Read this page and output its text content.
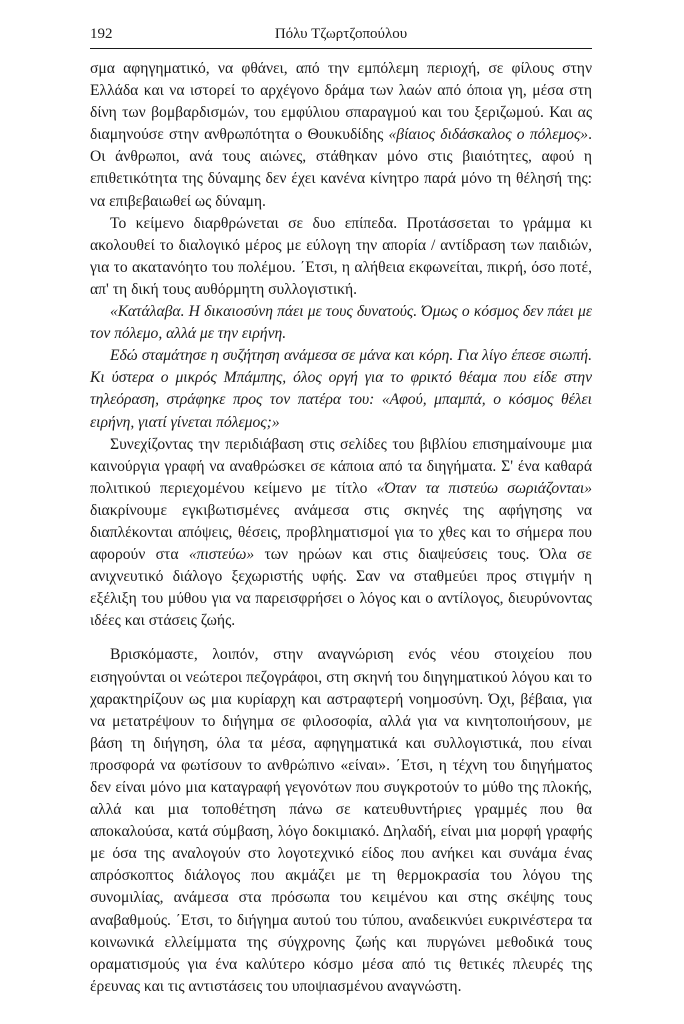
192	Πόλυ Τζωρτζοπούλου

σμα αφηγηματικό, να φθάνει, από την εμπόλεμη περιοχή, σε φίλους στην Ελλάδα και να ιστορεί το αρχέγονο δράμα των λαών από όποια γη, μέσα στη δίνη των βομβαρδισμών, του εμφύλιου σπαραγμού και του ξεριζωμού. Και ας διαμηνούσε στην ανθρωπότητα ο Θουκυδίδης «βίαιος διδάσκαλος ο πόλεμος». Οι άνθρωποι, ανά τους αιώνες, στάθηκαν μόνο στις βιαιότητες, αφού η επιθετικότητα της δύναμης δεν έχει κανένα κίνητρο παρά μόνο τη θέλησή της: να επιβεβαιωθεί ως δύναμη.

Το κείμενο διαρθρώνεται σε δυο επίπεδα. Προτάσσεται το γράμμα κι ακολουθεί το διαλογικό μέρος με εύλογη την απορία / αντίδραση των παιδιών, για το ακατανόητο του πολέμου. ΄Ετσι, η αλήθεια εκφωνείται, πικρή, όσο ποτέ, απ' τη δική τους αυθόρμητη συλλογιστική.

«Κατάλαβα. Η δικαιοσύνη πάει με τους δυνατούς. Όμως ο κόσμος δεν πάει με τον πόλεμο, αλλά με την ειρήνη.

Εδώ σταμάτησε η συζήτηση ανάμεσα σε μάνα και κόρη. Για λίγο έπεσε σιωπή. Κι ύστερα ο μικρός Μπάμπης, όλος οργή για το φρικτό θέαμα που είδε στην τηλεόραση, στράφηκε προς τον πατέρα του: «Αφού, μπαμπά, ο κόσμος θέλει ειρήνη, γιατί γίνεται πόλεμος;»

Συνεχίζοντας την περιδιάβαση στις σελίδες του βιβλίου επισημαίνουμε μια καινούργια γραφή να αναθρώσκει σε κάποια από τα διηγήματα. Σ' ένα καθαρά πολιτικού περιεχομένου κείμενο με τίτλο «Όταν τα πιστεύω σωριάζονται» διακρίνουμε εγκιβωτισμένες ανάμεσα στις σκηνές της αφήγησης να διαπλέκονται απόψεις, θέσεις, προβληματισμοί για το χθες και το σήμερα που αφορούν στα «πιστεύω» των ηρώων και στις διαψεύσεις τους. Όλα σε ανιχνευτικό διάλογο ξεχωριστής υφής. Σαν να σταθμεύει προς στιγμήν η εξέλιξη του μύθου για να παρεισφρήσει ο λόγος και ο αντίλογος, διευρύνοντας ιδέες και στάσεις ζωής.

Βρισκόμαστε, λοιπόν, στην αναγνώριση ενός νέου στοιχείου που εισηγούνται οι νεώτεροι πεζογράφοι, στη σκηνή του διηγηματικού λόγου και το χαρακτηρίζουν ως μια κυρίαρχη και αστραφτερή νοημοσύνη. Όχι, βέβαια, για να μετατρέψουν το διήγημα σε φιλοσοφία, αλλά για να κινητοποιήσουν, με βάση τη διήγηση, όλα τα μέσα, αφηγηματικά και συλλογιστικά, που είναι προσφορά να φωτίσουν το ανθρώπινο «είναι». ΄Ετσι, η τέχνη του διηγήματος δεν είναι μόνο μια καταγραφή γεγονότων που συγκροτούν το μύθο της πλοκής, αλλά και μια τοποθέτηση πάνω σε κατευθυντήριες γραμμές που θα αποκαλούσα, κατά σύμβαση, λόγο δοκιμιακό. Δηλαδή, είναι μια μορφή γραφής με όσα της αναλογούν στο λογοτεχνικό είδος που ανήκει και συνάμα ένας απρόσκοπτος διάλογος που ακμάζει με τη θερμοκρασία του λόγου της συνομιλίας, ανάμεσα στα πρόσωπα του κειμένου και στης σκέψης τους αναβαθμούς. ΄Ετσι, το διήγημα αυτού του τύπου, αναδεικνύει ευκρινέστερα τα κοινωνικά ελλείμματα της σύγχρονης ζωής και πυργώνει μεθοδικά τους οραματισμούς για ένα καλύτερο κόσμο μέσα από τις θετικές πλευρές της έρευνας και τις αντιστάσεις του υποψιασμένου αναγνώστη.
